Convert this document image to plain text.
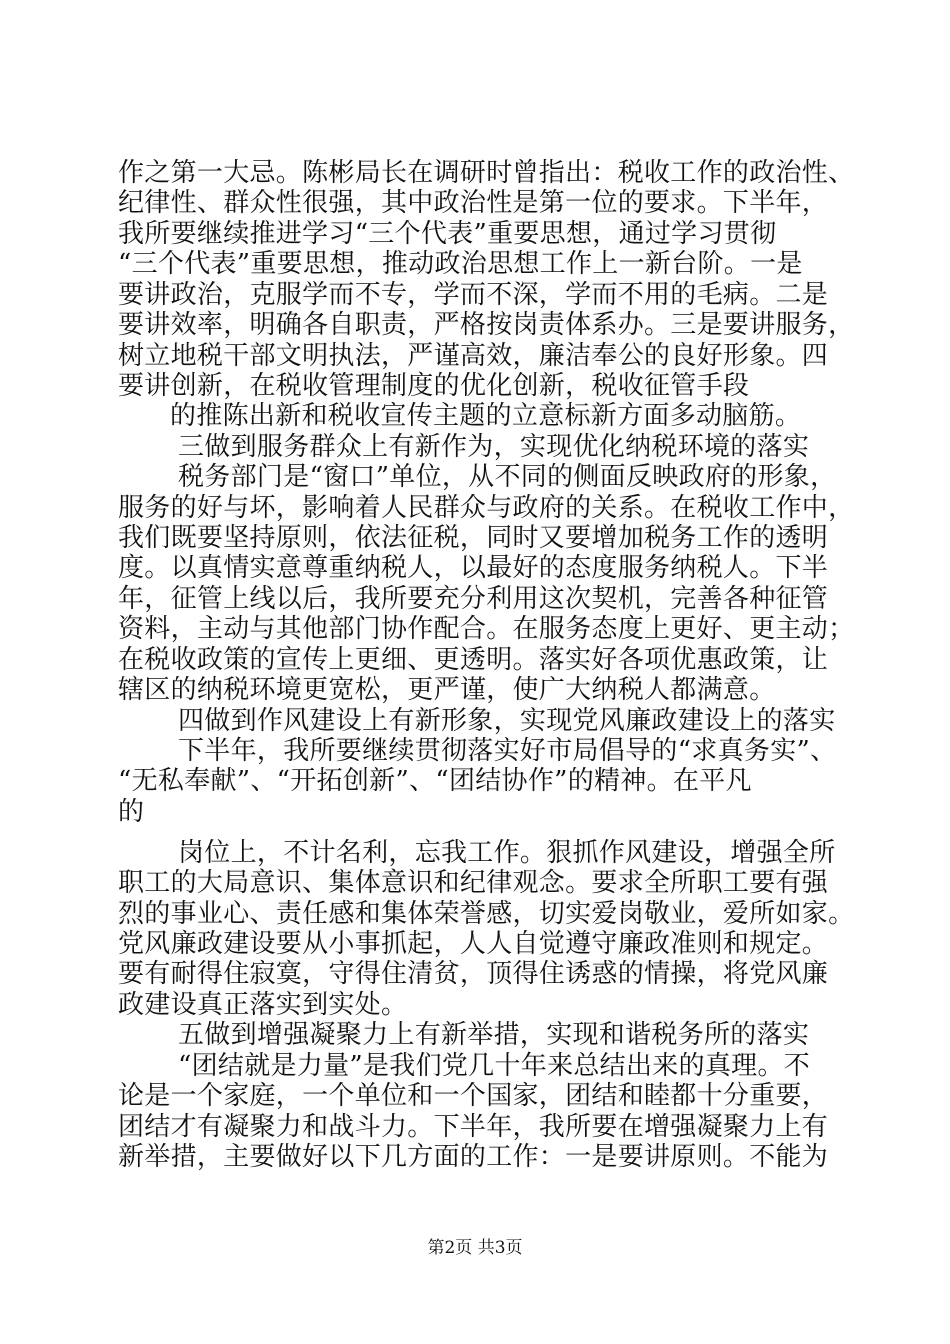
作之第一大忌。陈彬局长在调研时曾指出：税收工作的政治性、
纪律性、群众性很强，其中政治性是第一位的要求。下半年，
我所要继续推进学习“三个代表”重要思想，通过学习贯彻
“三个代表”重要思想，推动政治思想工作上一新台阶。一是
要讲政治，克服学而不专，学而不深，学而不用的毛病。二是
要讲效率，明确各自职责，严格按岗责体系办。三是要讲服务，
树立地税干部文明执法，严谨高效，廉洁奉公的良好形象。四
要讲创新，在税收管理制度的优化创新，税收征管手段
的推陈出新和税收宣传主题的立意标新方面多动脑筋。
三做到服务群众上有新作为，实现优化纳税环境的落实
税务部门是“窗口”单位，从不同的侧面反映政府的形象，
服务的好与坏，影响着人民群众与政府的关系。在税收工作中，
我们既要坚持原则，依法征税，同时又要增加税务工作的透明
度。以真情实意尊重纳税人，以最好的态度服务纳税人。下半
年，征管上线以后，我所要充分利用这次契机，完善各种征管
资料，主动与其他部门协作配合。在服务态度上更好、更主动；
在税收政策的宣传上更细、更透明。落实好各项优惠政策，让
辖区的纳税环境更宽松，更严谨，使广大纳税人都满意。
四做到作风建设上有新形象，实现党风廉政建设上的落实
下半年，我所要继续贯彻落实好市局倡导的“求真务实”、
“无私奉献”、“开拓创新”、“团结协作”的精神。在平凡
的
岗位上，不计名利，忘我工作。狠抓作风建设，增强全所
职工的大局意识、集体意识和纪律观念。要求全所职工要有强
烈的事业心、责任感和集体荣誉感，切实爱岗敬业，爱所如家。
党风廉政建设要从小事抓起，人人自觉遵守廉政准则和规定。
要有耐得住寂寞，守得住清贫，顶得住诱惑的情操，将党风廉
政建设真正落实到实处。
五做到增强凝聚力上有新举措，实现和谐税务所的落实
“团结就是力量”是我们党几十年来总结出来的真理。不
论是一个家庭，一个单位和一个国家，团结和睦都十分重要，
团结才有凝聚力和战斗力。下半年，我所要在增强凝聚力上有
新举措，主要做好以下几方面的工作：一是要讲原则。不能为
第2页 共3页
